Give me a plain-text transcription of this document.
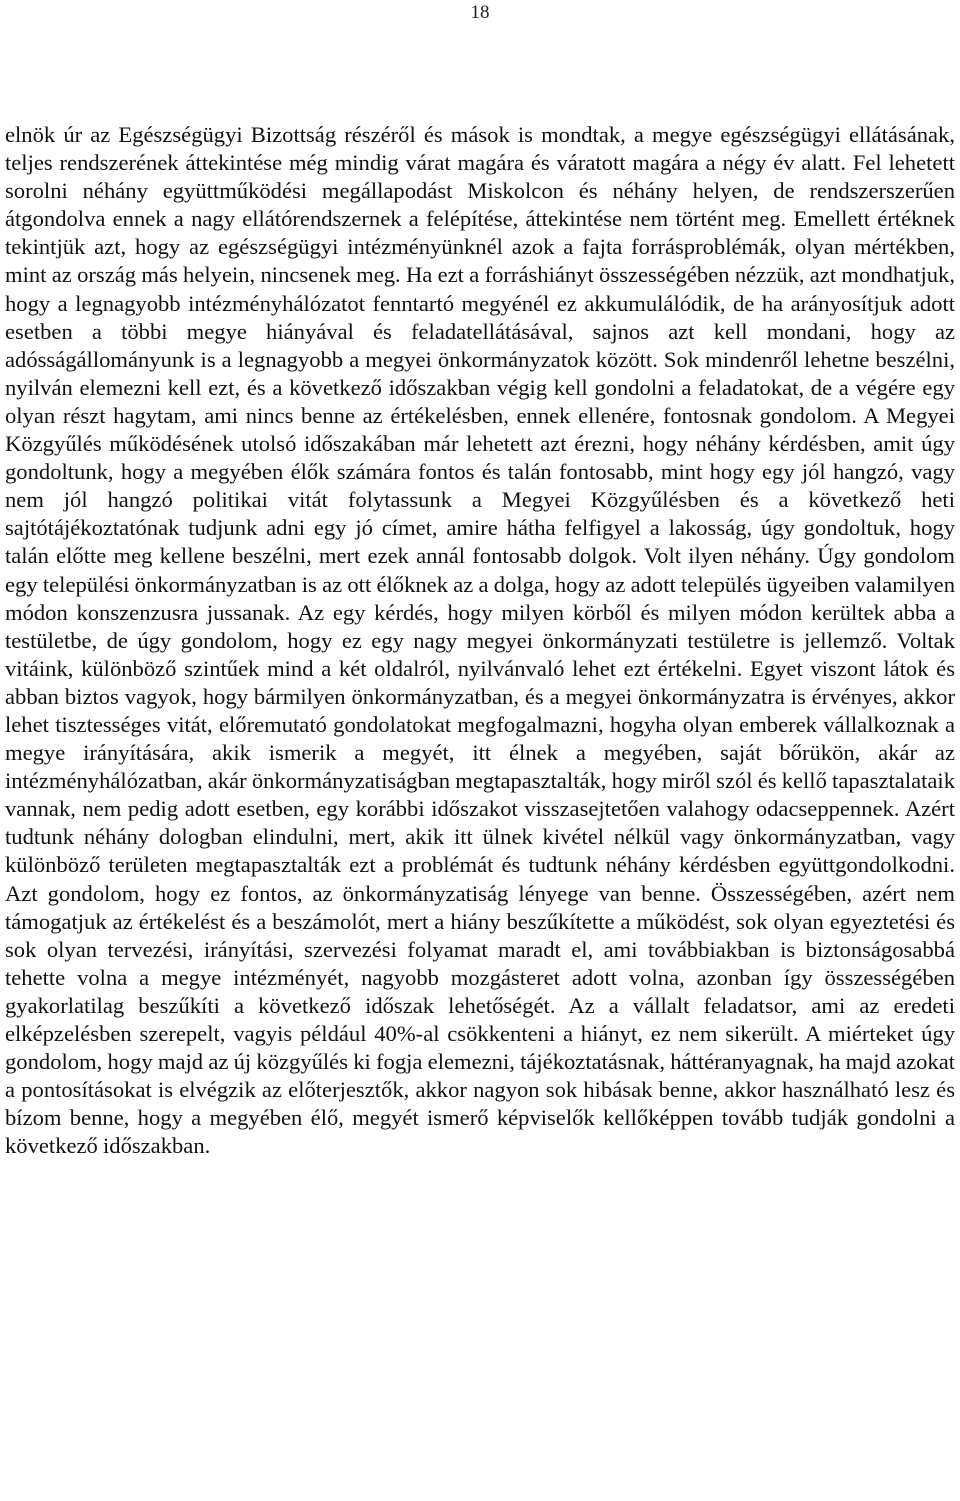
18

elnök úr az Egészségügyi Bizottság részéről és mások is mondtak, a megye egészségügyi ellátásának, teljes rendszerének áttekintése még mindig várat magára és váratott magára a négy év alatt. Fel lehetett sorolni néhány együttműködési megállapodást Miskolcon és néhány helyen, de rendszerszerűen átgondolva ennek a nagy ellátórendszernek a felépítése, áttekintése nem történt meg. Emellett értéknek tekintjük azt, hogy az egészségügyi intézményünknél azok a fajta forrásproblémák, olyan mértékben, mint az ország más helyein, nincsenek meg. Ha ezt a forráshiányt összességében nézzük, azt mondhatjuk, hogy a legnagyobb intézményhálózatot fenntartó megyénél ez akkumulálódik, de ha arányosítjuk adott esetben a többi megye hiányával és feladatellátásával, sajnos azt kell mondani, hogy az adósságállományunk is a legnagyobb a megyei önkormányzatok között. Sok mindenről lehetne beszélni, nyilván elemezni kell ezt, és a következő időszakban végig kell gondolni a feladatokat, de a végére egy olyan részt hagytam, ami nincs benne az értékelésben, ennek ellenére, fontosnak gondolom. A Megyei Közgyűlés működésének utolsó időszakában már lehetett azt érezni, hogy néhány kérdésben, amit úgy gondoltunk, hogy a megyében élők számára fontos és talán fontosabb, mint hogy egy jól hangzó, vagy nem jól hangzó politikai vitát folytassunk a Megyei Közgyűlésben és a következő heti sajtótájékoztatónak tudjunk adni egy jó címet, amire hátha felfigyel a lakosság, úgy gondoltuk, hogy talán előtte meg kellene beszélni, mert ezek annál fontosabb dolgok. Volt ilyen néhány. Úgy gondolom egy települési önkormányzatban is az ott élőknek az a dolga, hogy az adott település ügyeiben valamilyen módon konszenzusra jussanak. Az egy kérdés, hogy milyen körből és milyen módon kerültek abba a testületbe, de úgy gondolom, hogy ez egy nagy megyei önkormányzati testületre is jellemző. Voltak vitáink, különböző szintűek mind a két oldalról, nyilvánvaló lehet ezt értékelni. Egyet viszont látok és abban biztos vagyok, hogy bármilyen önkormányzatban, és a megyei önkormányzatra is érvényes, akkor lehet tisztességes vitát, előremutató gondolatokat megfogalmazni, hogyha olyan emberek vállalkoznak a megye irányítására, akik ismerik a megyét, itt élnek a megyében, saját bőrükön, akár az intézményhálózatban, akár önkormányzatiságban megtapasztalták, hogy miről szól és kellő tapasztalataik vannak, nem pedig adott esetben, egy korábbi időszakot visszasejtetően valahogy odacseppennek. Azért tudtunk néhány dologban elindulni, mert, akik itt ülnek kivétel nélkül vagy önkormányzatban, vagy különböző területen megtapasztalták ezt a problémát és tudtunk néhány kérdésben együttgondolkodni. Azt gondolom, hogy ez fontos, az önkormányzatiság lényege van benne. Összességében, azért nem támogatjuk az értékelést és a beszámolót, mert a hiány beszűkítette a működést, sok olyan egyeztetési és sok olyan tervezési, irányítási, szervezési folyamat maradt el, ami továbbiakban is biztonságosabbá tehette volna a megye intézményét, nagyobb mozgásteret adott volna, azonban így összességében gyakorlatilag beszűkíti a következő időszak lehetőségét. Az a vállalt feladatsor, ami az eredeti elképzelésben szerepelt, vagyis például 40%-al csökkenteni a hiányt, ez nem sikerült. A miérteket úgy gondolom, hogy majd az új közgyűlés ki fogja elemezni, tájékoztatásnak, háttéranyagnak, ha majd azokat a pontosításokat is elvégzik az előterjesztők, akkor nagyon sok hibásak benne, akkor használható lesz és bízom benne, hogy a megyében élő, megyét ismerő képviselők kellőképpen tovább tudják gondolni a következő időszakban.
